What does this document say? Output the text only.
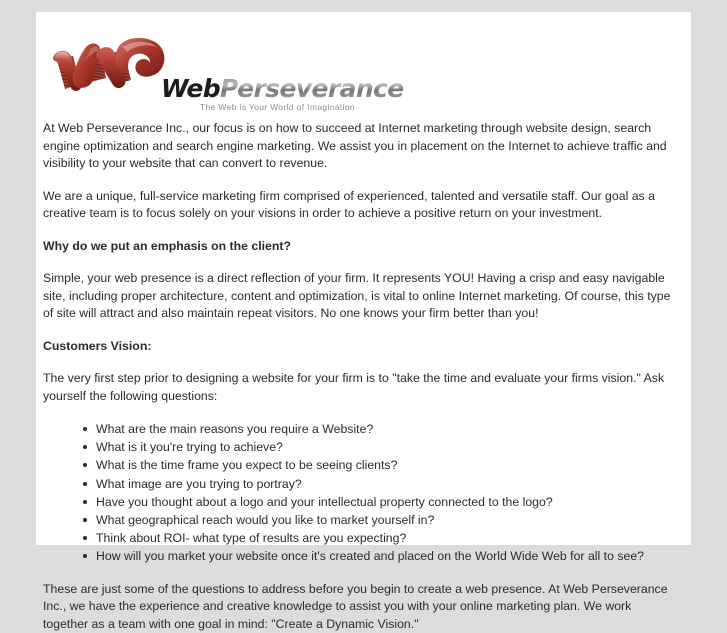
WebPerseverance
The Web is Your World of Imagination

At Web Perseverance Inc., our focus is on how to succeed at Internet marketing through website design, search engine optimization and search engine marketing. We assist you in placement on the Internet to achieve traffic and visibility to your website that can convert to revenue.

We are a unique, full-service marketing firm comprised of experienced, talented and versatile staff. Our goal as a creative team is to focus solely on your visions in order to achieve a positive return on your investment.

Why do we put an emphasis on the client?

Simple, your web presence is a direct reflection of your firm. It represents YOU! Having a crisp and easy navigable site, including proper architecture, content and optimization, is vital to online Internet marketing. Of course, this type of site will attract and also maintain repeat visitors. No one knows your firm better than you!

Customers Vision:

The very first step prior to designing a website for your firm is to "take the time and evaluate your firms vision." Ask yourself the following questions:

What are the main reasons you require a Website?
What is it you're trying to achieve?
What is the time frame you expect to be seeing clients?
What image are you trying to portray?
Have you thought about a logo and your intellectual property connected to the logo?
What geographical reach would you like to market yourself in?
Think about ROI- what type of results are you expecting?
How will you market your website once it's created and placed on the World Wide Web for all to see?

These are just some of the questions to address before you begin to create a web presence. At Web Perseverance Inc., we have the experience and creative knowledge to assist you with your online marketing plan. We work together as a team with one goal in mind: "Create a Dynamic Vision."
